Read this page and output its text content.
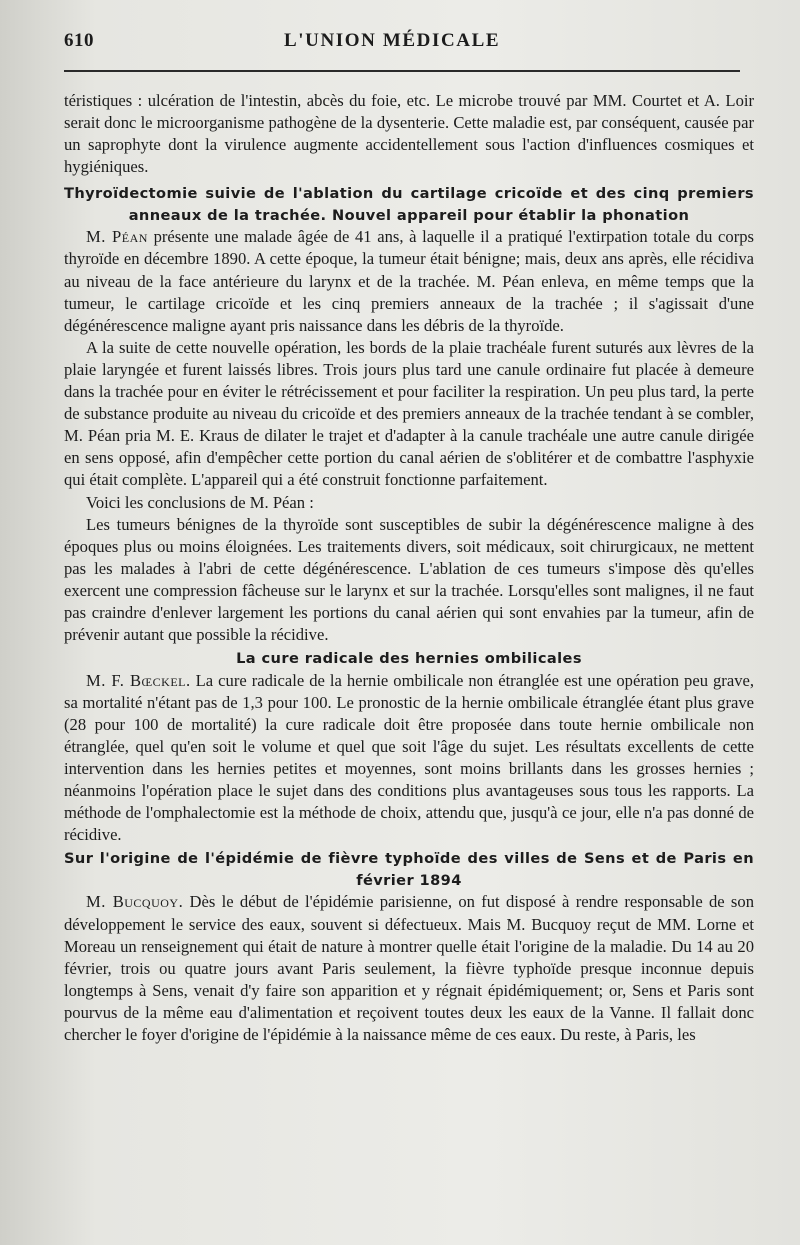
610	L'UNION MÉDICALE

téristiques : ulcération de l'intestin, abcès du foie, etc. Le microbe trouvé par MM. Courtet et A. Loir serait donc le microorganisme pathogène de la dysenterie. Cette maladie est, par conséquent, causée par un saprophyte dont la virulence augmente accidentellement sous l'action d'influences cosmiques et hygiéniques.

Thyroïdectomie suivie de l'ablation du cartilage cricoïde et des cinq premiers anneaux de la trachée. Nouvel appareil pour établir la phonation

M. Péan présente une malade âgée de 41 ans, à laquelle il a pratiqué l'extirpation totale du corps thyroïde en décembre 1890. A cette époque, la tumeur était bénigne; mais, deux ans après, elle récidiva au niveau de la face antérieure du larynx et de la trachée. M. Péan enleva, en même temps que la tumeur, le cartilage cricoïde et les cinq premiers anneaux de la trachée ; il s'agissait d'une dégénérescence maligne ayant pris naissance dans les débris de la thyroïde.

A la suite de cette nouvelle opération, les bords de la plaie trachéale furent suturés aux lèvres de la plaie laryngée et furent laissés libres. Trois jours plus tard une canule ordinaire fut placée à demeure dans la trachée pour en éviter le rétrécissement et pour faciliter la respiration. Un peu plus tard, la perte de substance produite au niveau du cricoïde et des premiers anneaux de la trachée tendant à se combler, M. Péan pria M. E. Kraus de dilater le trajet et d'adapter à la canule trachéale une autre canule dirigée en sens opposé, afin d'empêcher cette portion du canal aérien de s'oblitérer et de combattre l'asphyxie qui était complète. L'appareil qui a été construit fonctionne parfaitement.

Voici les conclusions de M. Péan :

Les tumeurs bénignes de la thyroïde sont susceptibles de subir la dégénérescence maligne à des époques plus ou moins éloignées. Les traitements divers, soit médicaux, soit chirurgicaux, ne mettent pas les malades à l'abri de cette dégénérescence. L'ablation de ces tumeurs s'impose dès qu'elles exercent une compression fâcheuse sur le larynx et sur la trachée. Lorsqu'elles sont malignes, il ne faut pas craindre d'enlever largement les portions du canal aérien qui sont envahies par la tumeur, afin de prévenir autant que possible la récidive.

La cure radicale des hernies ombilicales

M. F. Bœckel. La cure radicale de la hernie ombilicale non étranglée est une opération peu grave, sa mortalité n'étant pas de 1,3 pour 100. Le pronostic de la hernie ombilicale étranglée étant plus grave (28 pour 100 de mortalité) la cure radicale doit être proposée dans toute hernie ombilicale non étranglée, quel qu'en soit le volume et quel que soit l'âge du sujet. Les résultats excellents de cette intervention dans les hernies petites et moyennes, sont moins brillants dans les grosses hernies ; néanmoins l'opération place le sujet dans des conditions plus avantageuses sous tous les rapports. La méthode de l'omphalectomie est la méthode de choix, attendu que, jusqu'à ce jour, elle n'a pas donné de récidive.

Sur l'origine de l'épidémie de fièvre typhoïde des villes de Sens et de Paris en février 1894

M. Bucquoy. Dès le début de l'épidémie parisienne, on fut disposé à rendre responsable de son développement le service des eaux, souvent si défectueux. Mais M. Bucquoy reçut de MM. Lorne et Moreau un renseignement qui était de nature à montrer quelle était l'origine de la maladie. Du 14 au 20 février, trois ou quatre jours avant Paris seulement, la fièvre typhoïde presque inconnue depuis longtemps à Sens, venait d'y faire son apparition et y régnait épidémiquement; or, Sens et Paris sont pourvus de la même eau d'alimentation et reçoivent toutes deux les eaux de la Vanne. Il fallait donc chercher le foyer d'origine de l'épidémie à la naissance même de ces eaux. Du reste, à Paris, les
